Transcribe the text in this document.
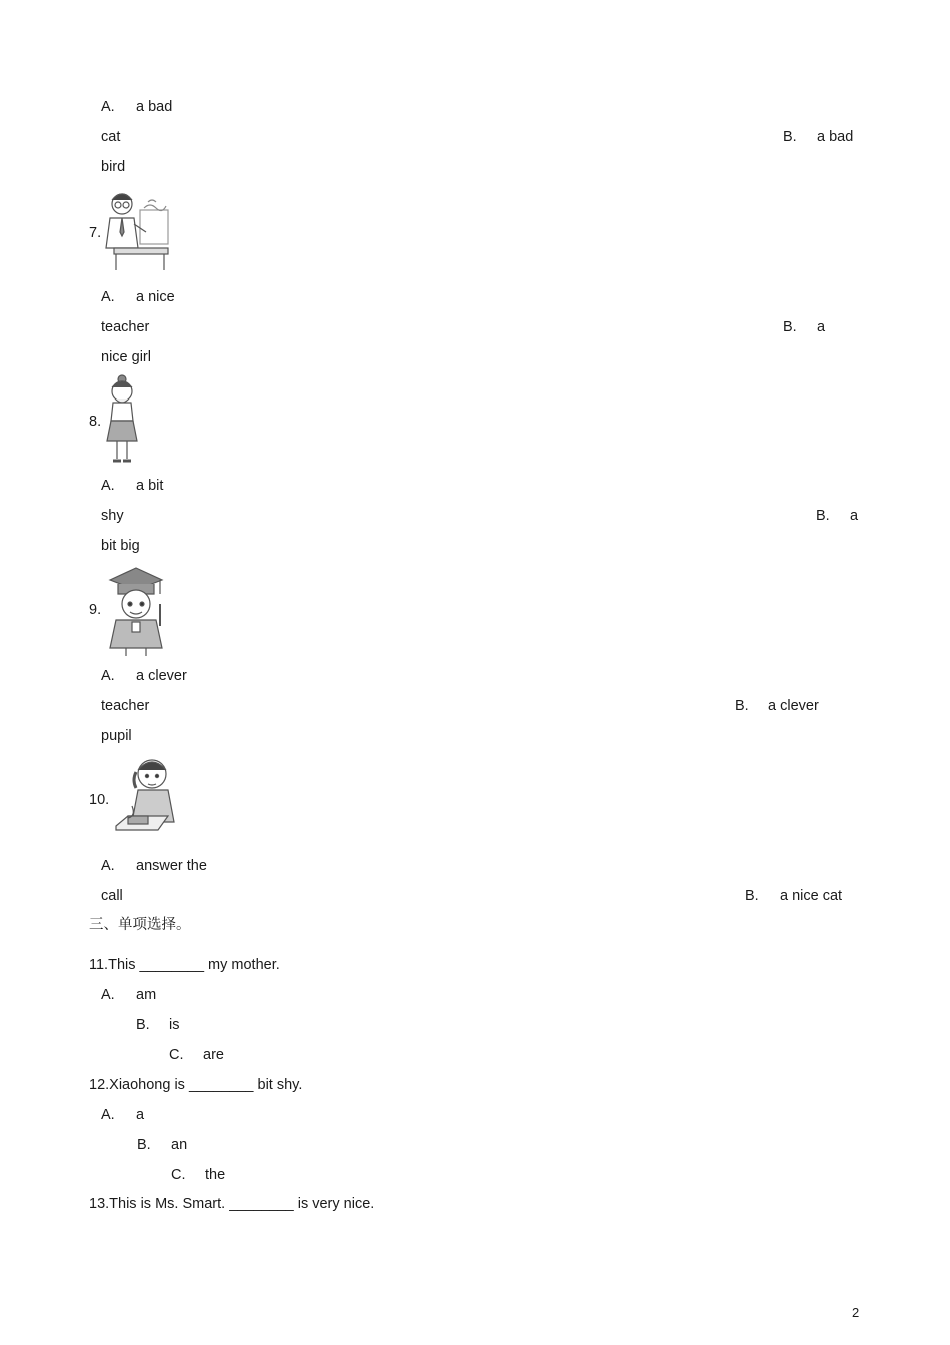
A. a bad
cat	B. a bad
bird
7.
A. a nice
teacher	B. a
nice girl
8.
A. a bit
shy	B. a
bit big
9.
A. a clever
teacher	B. a clever
pupil
10.
A. answer the
call	B. a nice cat
三、单项选择。
11.This ________ my mother.
A. am
B. is
C. are
12.Xiaohong is ________ bit shy.
A. a
B. an
C. the
13.This is Ms. Smart. ________ is very nice.
2
